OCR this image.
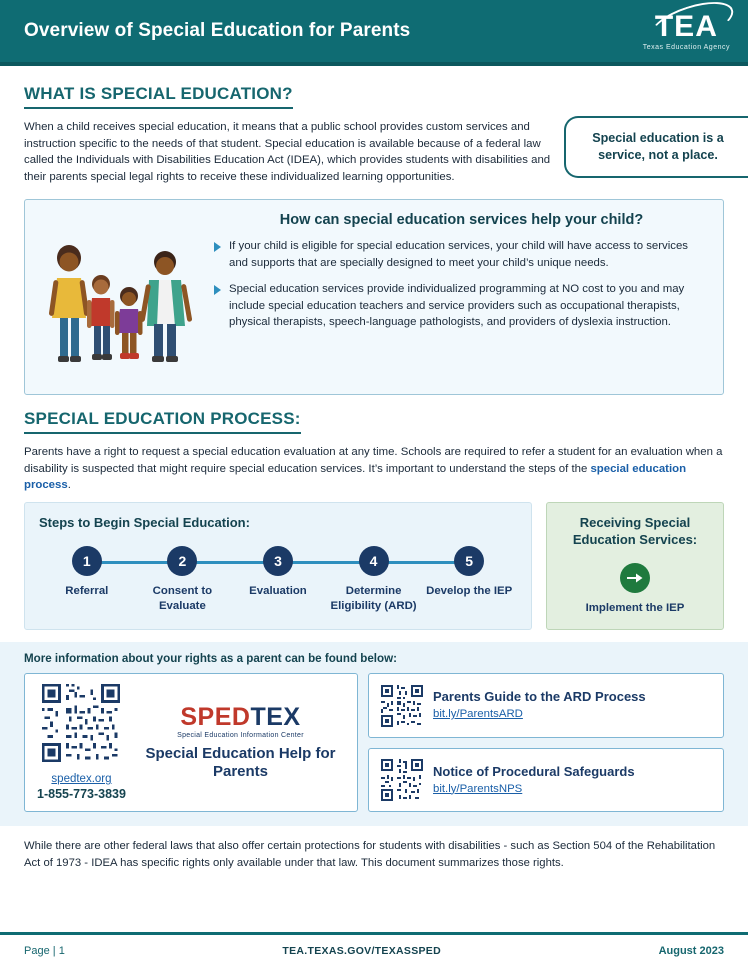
Overview of Special Education for Parents	TEA
Texas Education Agency
WHAT IS SPECIAL EDUCATION?

When a child receives special education, it means that a public school provides custom services and instruction specific to the needs of that student. Special education is available because of a federal law called the Individuals with Disabilities Education Act (IDEA), which provides students with disabilities and their parents special legal rights to receive these individualized learning opportunities.

Special education is a service, not a place.
How can special education services help your child?
If your child is eligible for special education services, your child will have access to services and supports that are specially designed to meet your child’s unique needs.
Special education services provide individualized programming at NO cost to you and may include special education teachers and service providers such as occupational therapists, physical therapists, speech-language pathologists, and providers of dyslexia instruction.
SPECIAL EDUCATION PROCESS:

Parents have a right to request a special education evaluation at any time. Schools are required to refer a student for an evaluation when a disability is suspected that might require special education services. It’s important to understand the steps of the special education process.

Steps to Begin Special Education:
1
Referral
2
Consent to Evaluate
3
Evaluation
4
Determine Eligibility (ARD)
5
Develop the IEP
Receiving Special Education Services:
Implement the IEP
More information about your rights as a parent can be found below:
spedtex.org
1-855-773-3839
SPEDTEX
Special Education Information Center
Special Education Help for Parents
Parents Guide to the ARD Process
bit.ly/ParentsARD
Notice of Procedural Safeguards
bit.ly/ParentsNPS
While there are other federal laws that also offer certain protections for students with disabilities - such as Section 504 of the Rehabilitation Act of 1973 - IDEA has specific rights only available under that law. This document summarizes those rights.
Page | 1	TEA.TEXAS.GOV/TEXASSPED	August 2023
